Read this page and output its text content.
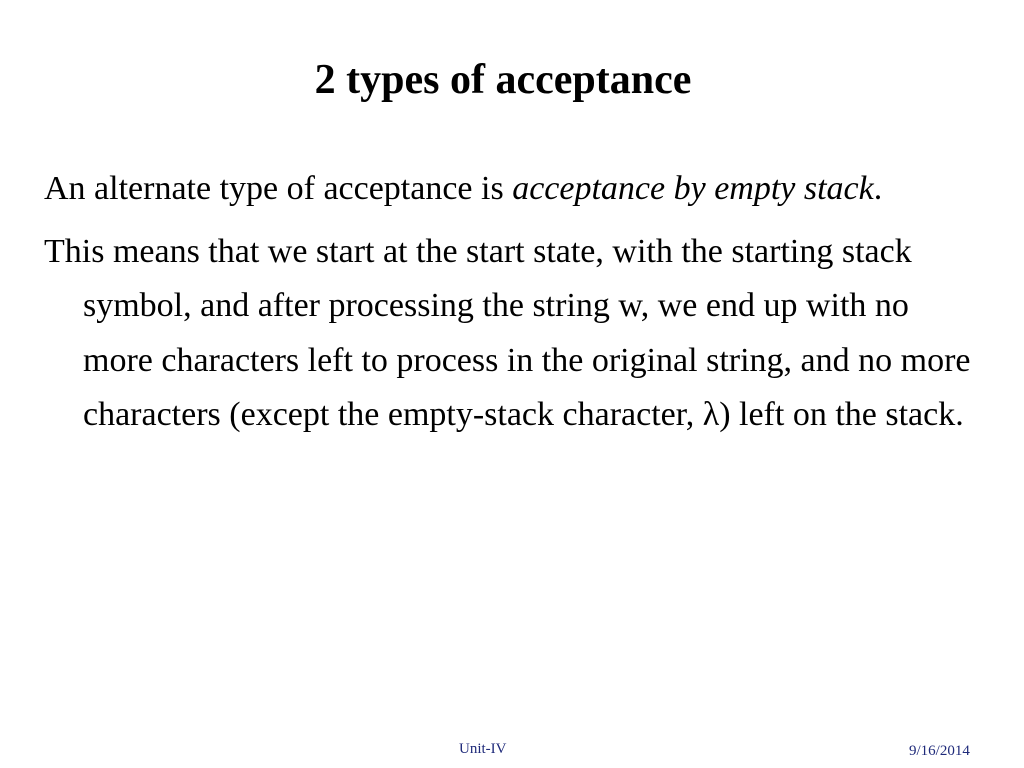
2 types of acceptance

An alternate type of acceptance is acceptance by empty stack.

This means that we start at the start state, with the starting stack symbol, and after processing the string w, we end up with no more characters left to process in the original string, and no more characters (except the empty-stack character, λ) left on the stack.

Unit-IV	9/16/2014
